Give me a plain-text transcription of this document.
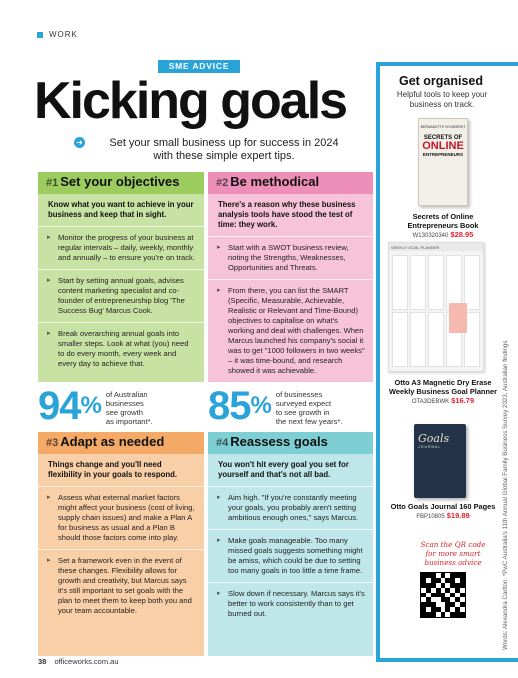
WORK
SME ADVICE
Kicking goals
➜	Set your small business up for success in 2024
with these simple expert tips.
#1 Set your objectives

Know what you want to achieve in your business and keep that in sight.

▸ Monitor the progress of your business at regular intervals – daily, weekly, monthly and annually – to ensure you're on track.
▸ Start by setting annual goals, advises content marketing specialist and co-founder of entrepreneurship blog 'The Success Bug' Marcus Cook.
▸ Break overarching annual goals into smaller steps. Look at what (you) need to do every month, every week and every day to achieve that.
#2 Be methodical

There's a reason why these business analysis tools have stood the test of time: they work.

▸ Start with a SWOT business review, noting the Strengths, Weaknesses, Opportunities and Threats.
▸ From there, you can list the SMART (Specific, Measurable, Achievable, Realistic or Relevant and Time-Bound) objectives to capitalise on what's working and deal with challenges. When Marcus launched his company's social it was to get "1000 followers in two weeks" – it was time-bound, and research showed it was achievable.
94 % of Australian
businesses
see growth
as important*. 85 % of businesses
surveyed expect
to see growth in
the next few years*.
#3 Adapt as needed

Things change and you'll need flexibility in your goals to respond.

▸ Assess what external market factors might affect your business (cost of living, supply chain issues) and make a Plan A for business as usual and a Plan B should those factors come into play.
▸ Set a framework even in the event of these changes. Flexibility allows for growth and creativity, but Marcus says it's still important to set goals with the plan to meet them to keep both you and your team accountable.
#4 Reassess goals

You won't hit every goal you set for yourself and that's not all bad.

▸ Aim high. "If you're constantly meeting your goals, you probably aren't setting ambitious enough ones," says Marcus.
▸ Make goals manageable. Too many missed goals suggests something might be amiss, which could be due to setting too many goals in too little a time frame.
▸ Slow down if necessary. Marcus says it's better to work consistently than to get burned out.
Get organised
Helpful tools to keep your business on track.
BERNADETTE SCHWERDT
SECRETS OF
ONLINE
ENTREPRENEURS
Secrets of Online Entrepreneurs Book
W130320340 $28.95
WEEKLY GOAL PLANNER
Otto A3 Magnetic Dry Erase Weekly Business Goal Planner
OTA3DEBWK $16.79
Goals
JOURNAL
Otto Goals Journal 160 Pages
FBP10805 $19.89
Scan the QR code for more smart business advice	Words: Alexandra Carlton. *PwC Australia's 11th Annual Global Family Business Survey 2023, Australian findings
38 officeworks.com.au
